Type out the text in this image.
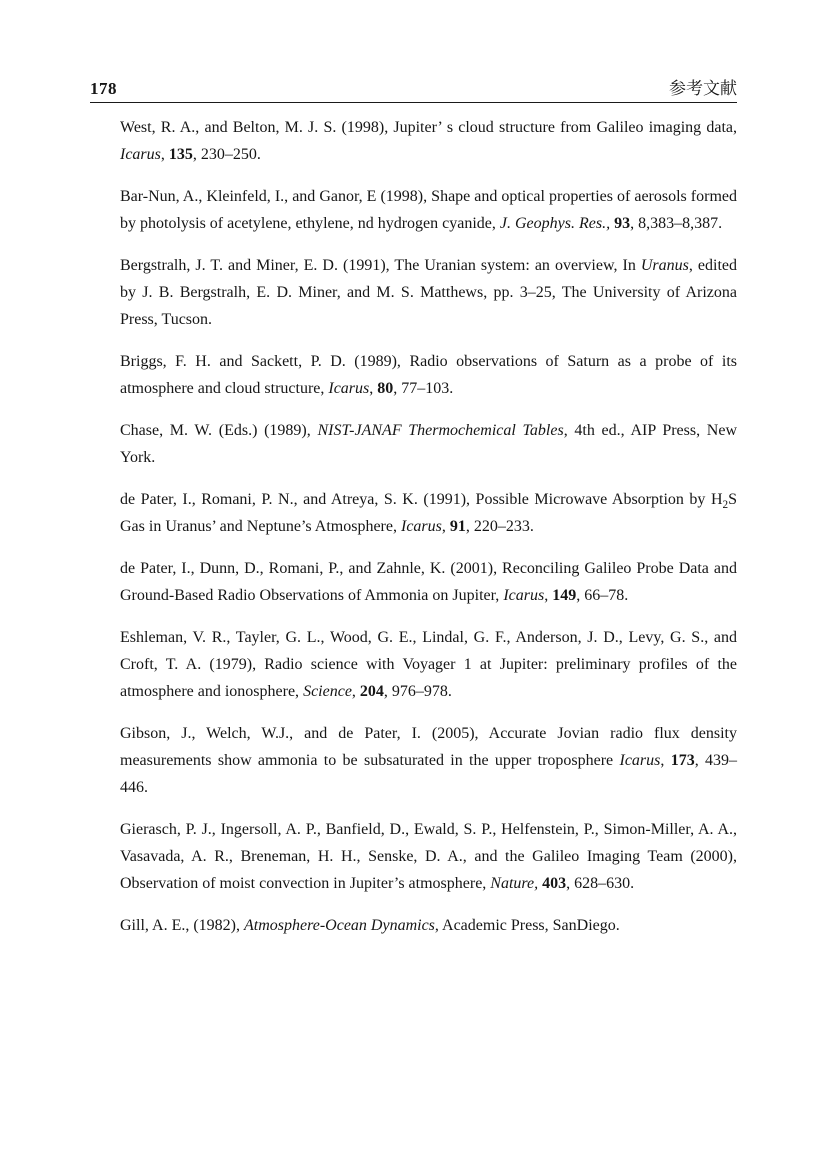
178	参考文献

West, R. A., and Belton, M. J. S. (1998), Jupiter’ s cloud structure from Galileo imaging data, Icarus, 135, 230–250.

Bar-Nun, A., Kleinfeld, I., and Ganor, E (1998), Shape and optical properties of aerosols formed by photolysis of acetylene, ethylene, nd hydrogen cyanide, J. Geophys. Res., 93, 8,383–8,387.

Bergstralh, J. T. and Miner, E. D. (1991), The Uranian system: an overview, In Uranus, edited by J. B. Bergstralh, E. D. Miner, and M. S. Matthews, pp. 3–25, The University of Arizona Press, Tucson.

Briggs, F. H. and Sackett, P. D. (1989), Radio observations of Saturn as a probe of its atmosphere and cloud structure, Icarus, 80, 77–103.

Chase, M. W. (Eds.) (1989), NIST-JANAF Thermochemical Tables, 4th ed., AIP Press, New York.

de Pater, I., Romani, P. N., and Atreya, S. K. (1991), Possible Microwave Absorption by $H_2S$ Gas in Uranus’ and Neptune’s Atmosphere, Icarus, 91, 220–233.

de Pater, I., Dunn, D., Romani, P., and Zahnle, K. (2001), Reconciling Galileo Probe Data and Ground-Based Radio Observations of Ammonia on Jupiter, Icarus, 149, 66–78.

Eshleman, V. R., Tayler, G. L., Wood, G. E., Lindal, G. F., Anderson, J. D., Levy, G. S., and Croft, T. A. (1979), Radio science with Voyager 1 at Jupiter: preliminary profiles of the atmosphere and ionosphere, Science, 204, 976–978.

Gibson, J., Welch, W.J., and de Pater, I. (2005), Accurate Jovian radio flux density measurements show ammonia to be subsaturated in the upper troposphere Icarus, 173, 439–446.

Gierasch, P. J., Ingersoll, A. P., Banfield, D., Ewald, S. P., Helfenstein, P., Simon-Miller, A. A., Vasavada, A. R., Breneman, H. H., Senske, D. A., and the Galileo Imaging Team (2000), Observation of moist convection in Jupiter’s atmosphere, Nature, 403, 628–630.

Gill, A. E., (1982), Atmosphere-Ocean Dynamics, Academic Press, SanDiego.
